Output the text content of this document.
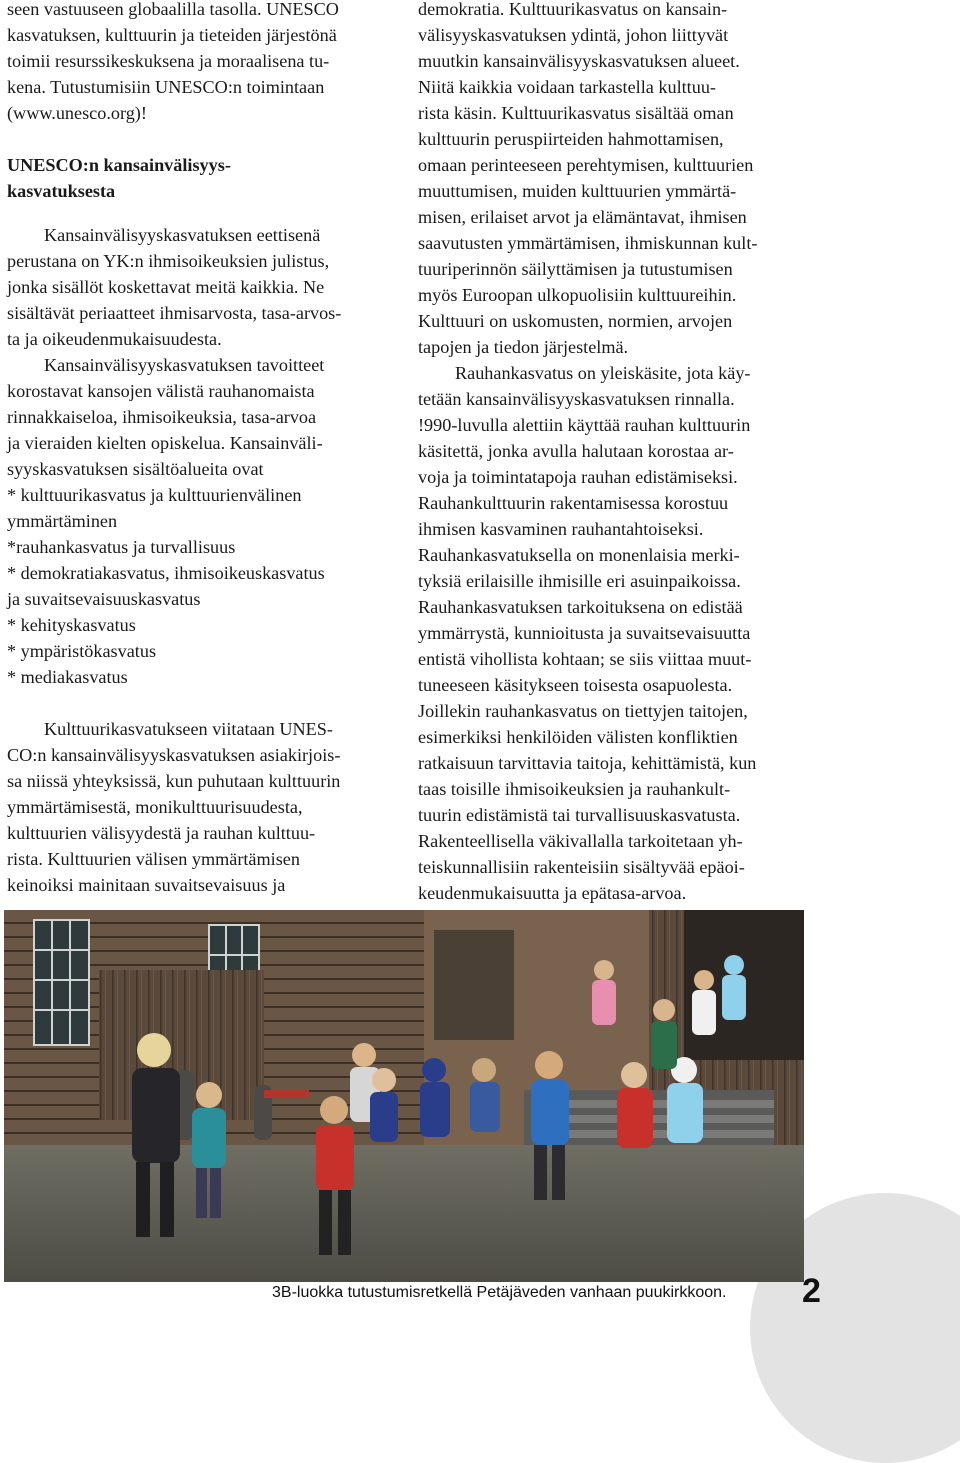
seen vastuuseen globaalilla tasolla. UNESCO
kasvatuksen, kulttuurin ja tieteiden järjestönä
toimii resurssikeskuksena ja moraalisena tu-
kena. Tutustumisiin UNESCO:n toimintaan
(www.unesco.org)!
UNESCO:n kansainvälisyys-
kasvatuksesta
Kansainvälisyyskasvatuksen eettisenä
perustana on YK:n ihmisoikeuksien julistus,
jonka sisällöt koskettavat meitä kaikkia. Ne
sisältävät periaatteet ihmisarvosta, tasa-arvos-
ta ja oikeudenmukaisuudesta.
Kansainvälisyyskasvatuksen tavoitteet
korostavat kansojen välistä rauhanomaista
rinnakkaiseloa, ihmisoikeuksia, tasa-arvoa
ja vieraiden kielten opiskelua. Kansainväli-
syyskasvatuksen sisältöalueita ovat
* kulttuurikasvatus ja kulttuurienvälinen
ymmärtäminen
*rauhankasvatus ja turvallisuus
* demokratiakasvatus, ihmisoikeuskasvatus
ja suvaitsevaisuuskasvatus
* kehityskasvatus
* ympäristökasvatus
* mediakasvatus
Kulttuurikasvatukseen viitataan UNES-
CO:n kansainvälisyyskasvatuksen asiakirjois-
sa niissä yhteyksissä, kun puhutaan kulttuurin
ymmärtämisestä, monikulttuurisuudesta,
kulttuurien välisyydestä ja rauhan kulttuu-
rista. Kulttuurien välisen ymmärtämisen
keinoiksi mainitaan suvaitsevaisuus ja
demokratia. Kulttuurikasvatus on kansain-
välisyyskasvatuksen ydintä, johon liittyvät
muutkin kansainvälisyyskasvatuksen alueet.
Niitä kaikkia voidaan tarkastella kulttuu-
rista käsin. Kulttuurikasvatus sisältää oman
kulttuurin peruspiirteiden hahmottamisen,
omaan perinteeseen perehtymisen, kulttuurien
muuttumisen, muiden kulttuurien ymmärtä-
misen, erilaiset arvot ja elämäntavat, ihmisen
saavutusten ymmärtämisen, ihmiskunnan kult-
tuuriperinnön säilyttämisen ja tutustumisen
myös Euroopan ulkopuolisiin kulttuureihin.
Kulttuuri on uskomusten, normien, arvojen
tapojen ja tiedon järjestelmä.
Rauhankasvatus on yleiskäsite, jota käy-
tetään kansainvälisyyskasvatuksen rinnalla.
!990-luvulla alettiin käyttää rauhan kulttuurin
käsitettä, jonka avulla halutaan korostaa ar-
voja ja toimintatapoja rauhan edistämiseksi.
Rauhankulttuurin rakentamisessa korostuu
ihmisen kasvaminen rauhantahtoiseksi.
Rauhankasvatuksella on monenlaisia merki-
tyksiä erilaisille ihmisille eri asuinpaikoissa.
Rauhankasvatuksen tarkoituksena on edistää
ymmärrystä, kunnioitusta ja suvaitsevaisuutta
entistä vihollista kohtaan; se siis viittaa muut-
tuneeseen käsitykseen toisesta osapuolesta.
Joillekin rauhankasvatus on tiettyjen taitojen,
esimerkiksi henkilöiden välisten konfliktien
ratkaisuun tarvittavia taitoja, kehittämistä, kun
taas toisille ihmisoikeuksien ja rauhankult-
tuurin edistämistä tai turvallisuuskasvatusta.
Rakenteellisella väkivallalla tarkoitetaan yh-
teiskunnallisiin rakenteisiin sisältyvää epäoi-
keudenmukaisuutta ja epätasa-arvoa.
3B-luokka tutustumisretkellä Petäjäveden vanhaan puukirkkoon. 2
